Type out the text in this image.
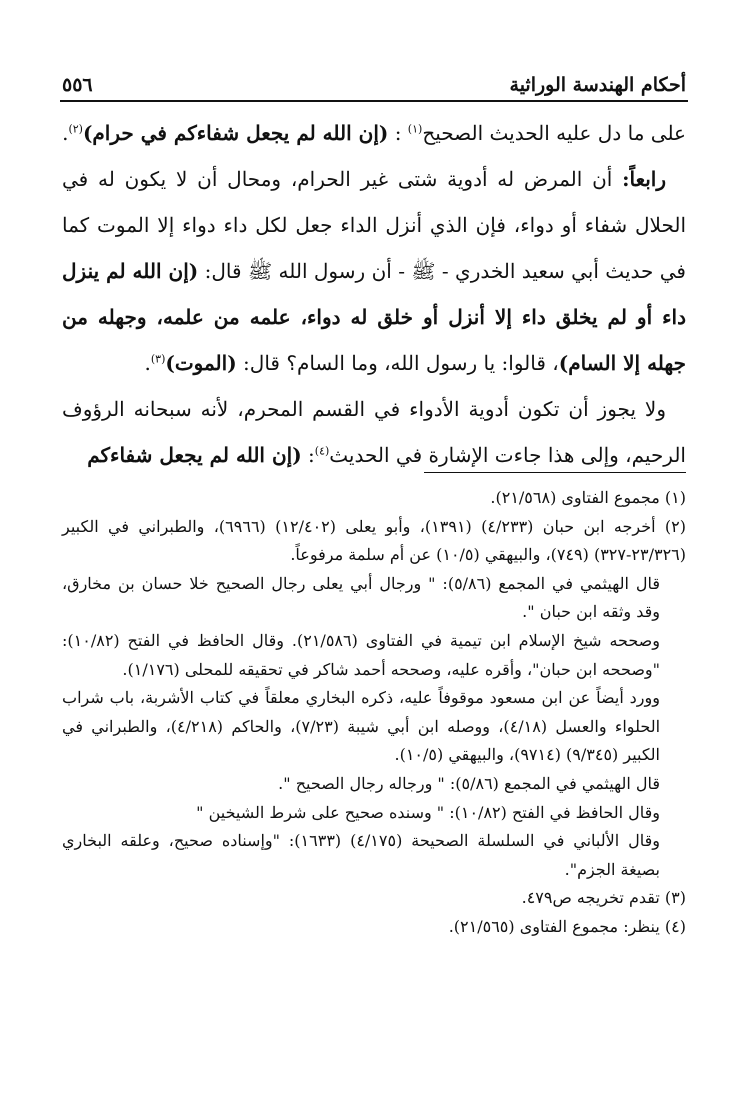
٥٥٦	أحكام الهندسة الوراثية

على ما دل عليه الحديث الصحيح$^{(١)}$ : (إن الله لم يجعل شفاءكم في حرام)$^{(٢)}$.

رابعاً: أن المرض له أدوية شتى غير الحرام، ومحال أن لا يكون له في الحلال شفاء أو دواء، فإن الذي أنزل الداء جعل لكل داء دواء إلا الموت كما في حديث أبي سعيد الخدري - ﷺ - أن رسول الله ﷺ قال: (إن الله لم ينزل داء أو لم يخلق داء إلا أنزل أو خلق له دواء، علمه من علمه، وجهله من جهله إلا السام)، قالوا: يا رسول الله، وما السام؟ قال: (الموت)$^{(٣)}$.

ولا يجوز أن تكون أدوية الأدواء في القسم المحرم، لأنه سبحانه الرؤوف الرحيم، وإلى هذا جاءت الإشارة في الحديث$^{(٤)}$: (إن الله لم يجعل شفاءكم

(١) مجموع الفتاوى (٢١/٥٦٨).

(٢) أخرجه ابن حبان (٤/٢٣٣) (١٣٩١)، وأبو يعلى (١٢/٤٠٢) (٦٩٦٦)، والطبراني في الكبير (٢٣/٣٢٦-٣٢٧) (٧٤٩)، والبيهقي (١٠/٥) عن أم سلمة مرفوعاً.

قال الهيثمي في المجمع (٥/٨٦): " ورجال أبي يعلى رجال الصحيح خلا حسان بن مخارق، وقد وثقه ابن حبان ".

وصححه شيخ الإسلام ابن تيمية في الفتاوى (٢١/٥٨٦). وقال الحافظ في الفتح (١٠/٨٢): "وصححه ابن حبان"، وأقره عليه، وصححه أحمد شاكر في تحقيقه للمحلى (١/١٧٦).

وورد أيضاً عن ابن مسعود موقوفاً عليه، ذكره البخاري معلقاً في كتاب الأشربة، باب شراب الحلواء والعسل (٤/١٨)، ووصله ابن أبي شيبة (٧/٢٣)، والحاكم (٤/٢١٨)، والطبراني في الكبير (٩/٣٤٥) (٩٧١٤)، والبيهقي (١٠/٥).

قال الهيثمي في المجمع (٥/٨٦): " ورجاله رجال الصحيح ".

وقال الحافظ في الفتح (١٠/٨٢): " وسنده صحيح على شرط الشيخين "

وقال الألباني في السلسلة الصحيحة (٤/١٧٥) (١٦٣٣): "وإسناده صحيح، وعلقه البخاري بصيغة الجزم".

(٣) تقدم تخريجه ص٤٧٩.

(٤) ينظر: مجموع الفتاوى (٢١/٥٦٥).
